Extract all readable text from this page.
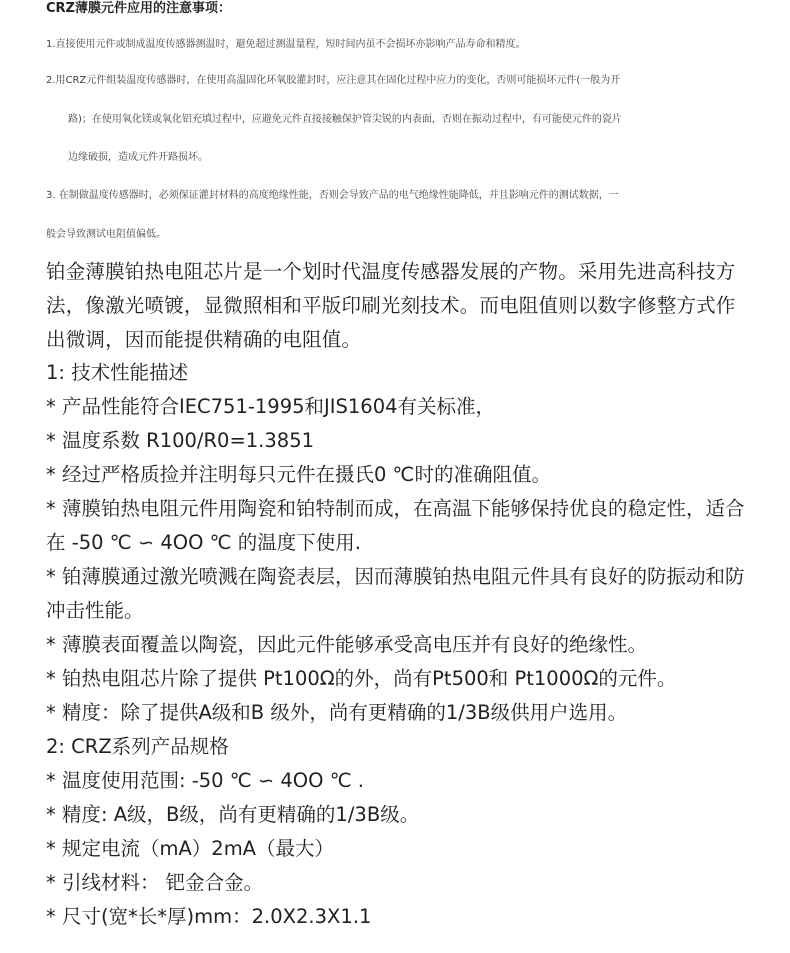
CRZ薄膜元件应用的注意事项：
1.直接使用元件或制成温度传感器测温时，避免超过测温量程，短时间内虽不会损坏亦影响产品寿命和精度。
2.用CRZ元件组装温度传感器时，在使用高温固化环氧胶灌封时，应注意其在固化过程中应力的变化，否则可能损坏元件(一般为开
路)；在使用氧化镁或氧化铝充填过程中，应避免元件直接接触保护管尖锐的内表面，否则在振动过程中，有可能使元件的瓷片
边缘破损，造成元件开路损坏。
3. 在制做温度传感器时，必须保证灌封材料的高度绝缘性能，否则会导致产品的电气绝缘性能降低，并且影响元件的测试数据，一
般会导致测试电阻值偏低。

铂金薄膜铂热电阻芯片是一个划时代温度传感器发展的产物。采用先进高科技方法，像激光喷镀，显微照相和平版印刷光刻技术。而电阻值则以数字修整方式作出微调，因而能提供精确的电阻值。

1: 技术性能描述
* 产品性能符合IEC751-1995和JIS1604有关标准，
* 温度系数 R100/R0=1.3851
* 经过严格质捡并注明每只元件在摄氏0 ℃时的准确阻值。
* 薄膜铂热电阻元件用陶瓷和铂特制而成，在高温下能够保持优良的稳定性，适合在 -50 ℃ ∽ 4OO ℃ 的温度下使用.
* 铂薄膜通过激光喷溅在陶瓷表层，因而薄膜铂热电阻元件具有良好的防振动和防冲击性能。
* 薄膜表面覆盖以陶瓷，因此元件能够承受高电压并有良好的绝缘性。
* 铂热电阻芯片除了提供 Pt100Ω的外，尚有Pt500和 Pt1000Ω的元件。
* 精度：除了提供A级和B 级外，尚有更精确的1/3B级供用户选用。
2: CRZ系列产品规格
* 温度使用范围: -50 ℃ ∽ 4OO ℃ .
* 精度: A级，B级，尚有更精确的1/3B级。
* 规定电流（mA）2mA（最大）
* 引线材料： 钯金合金。
* 尺寸(宽*长*厚)mm：2.0X2.3X1.1
